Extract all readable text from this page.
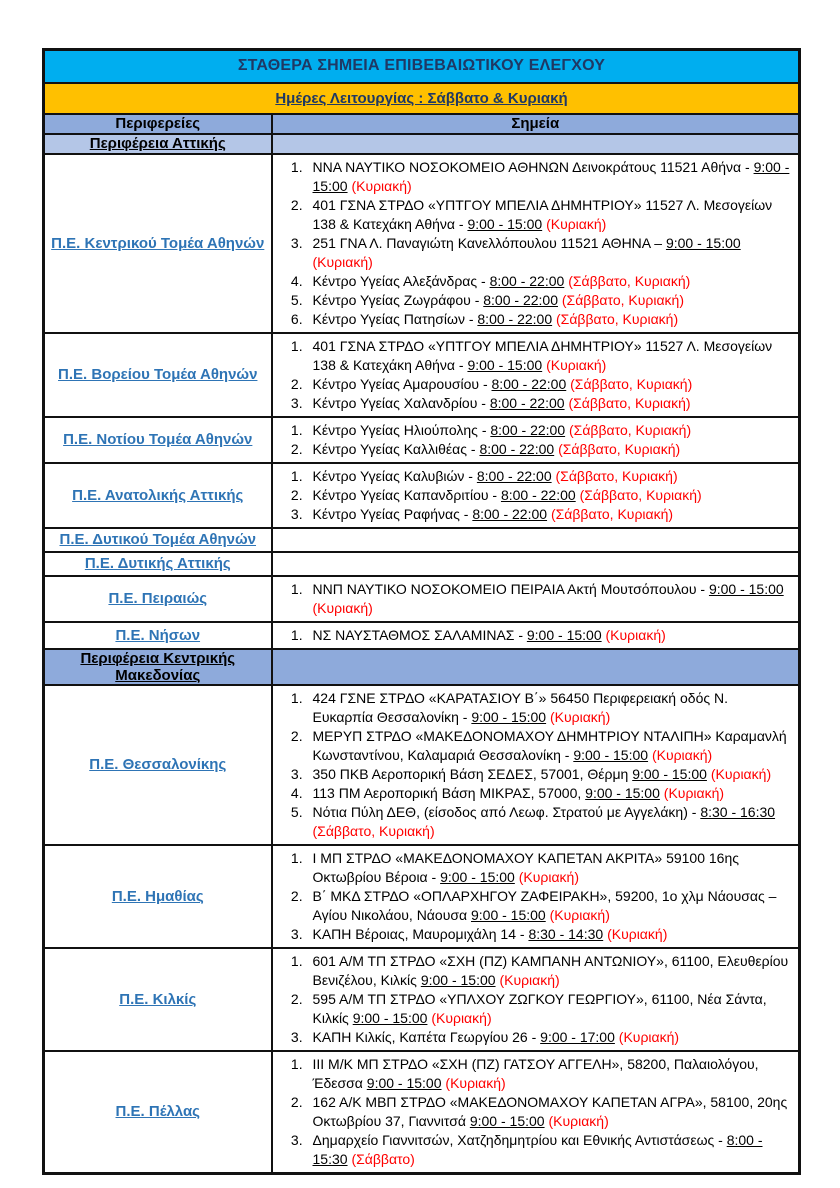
ΣΤΑΘΕΡΑ ΣΗΜΕΙΑ ΕΠΙΒΕΒΑΙΩΤΙΚΟΥ ΕΛΕΓΧΟΥ	
Ημέρες Λειτουργίας : Σάββατο & Κυριακή	
Περιφερείες	Σημεία
Περιφέρεια Αττικής	
Π.Ε. Κεντρικού Τομέα Αθηνών	
1. ΝΝΑ ΝΑΥΤΙΚΟ ΝΟΣΟΚΟΜΕΙΟ ΑΘΗΝΩΝ Δεινοκράτους 11521 Αθήνα - 9:00 - 15:00 (Κυριακή)
2. 401 ΓΣΝΑ ΣΤΡΔΟ «ΥΠΤΓΟΥ ΜΠΕΛΙΑ ΔΗΜΗΤΡΙΟΥ» 11527 Λ. Μεσογείων 138 & Κατεχάκη Αθήνα - 9:00 - 15:00 (Κυριακή)
3. 251 ΓΝΑ Λ. Παναγιώτη Κανελλόπουλου 11521 ΑΘΗΝΑ – 9:00 - 15:00 (Κυριακή)
4. Κέντρο Υγείας Αλεξάνδρας - 8:00 - 22:00 (Σάββατο, Κυριακή)
5. Κέντρο Υγείας Ζωγράφου - 8:00 - 22:00 (Σάββατο, Κυριακή)
6. Κέντρο Υγείας Πατησίων - 8:00 - 22:00 (Σάββατο, Κυριακή)

Π.Ε. Βορείου Τομέα Αθηνών	
1. 401 ΓΣΝΑ ΣΤΡΔΟ «ΥΠΤΓΟΥ ΜΠΕΛΙΑ ΔΗΜΗΤΡΙΟΥ» 11527 Λ. Μεσογείων 138 & Κατεχάκη Αθήνα - 9:00 - 15:00 (Κυριακή)
2. Κέντρο Υγείας Αμαρουσίου - 8:00 - 22:00 (Σάββατο, Κυριακή)
3. Κέντρο Υγείας Χαλανδρίου - 8:00 - 22:00 (Σάββατο, Κυριακή)

Π.Ε. Νοτίου Τομέα Αθηνών	
1. Κέντρο Υγείας Ηλιούπολης - 8:00 - 22:00 (Σάββατο, Κυριακή)
2. Κέντρο Υγείας Καλλιθέας - 8:00 - 22:00 (Σάββατο, Κυριακή)

Π.Ε. Ανατολικής Αττικής	
1. Κέντρο Υγείας Καλυβιών - 8:00 - 22:00 (Σάββατο, Κυριακή)
2. Κέντρο Υγείας Καπανδριτίου - 8:00 - 22:00 (Σάββατο, Κυριακή)
3. Κέντρο Υγείας Ραφήνας - 8:00 - 22:00 (Σάββατο, Κυριακή)

Π.Ε. Δυτικού Τομέα Αθηνών	
Π.Ε. Δυτικής Αττικής	
Π.Ε. Πειραιώς	
1. ΝΝΠ ΝΑΥΤΙΚΟ ΝΟΣΟΚΟΜΕΙΟ ΠΕΙΡΑΙΑ Ακτή Μουτσόπουλου - 9:00 - 15:00 (Κυριακή)

Π.Ε. Νήσων	
1.ΝΣ ΝΑΥΣΤΑΘΜΟΣ ΣΑΛΑΜΙΝΑΣ - 9:00 - 15:00 (Κυριακή)

Περιφέρεια Κεντρικής Μακεδονίας	
Π.Ε. Θεσσαλονίκης	
1. 424 ΓΣΝΕ ΣΤΡΔΟ «ΚΑΡΑΤΑΣΙΟΥ Β΄» 56450 Περιφερειακή οδός Ν. Ευκαρπία Θεσσαλονίκη - 9:00 - 15:00 (Κυριακή)
2. ΜΕΡΥΠ ΣΤΡΔΟ «ΜΑΚΕΔΟΝΟΜΑΧΟΥ ΔΗΜΗΤΡΙΟΥ ΝΤΑΛΙΠΗ» Καραμανλή Κωνσταντίνου, Καλαμαριά Θεσσαλονίκη - 9:00 - 15:00 (Κυριακή)
3. 350 ΠΚΒ Αεροπορική Βάση ΣΕΔΕΣ, 57001, Θέρμη 9:00 - 15:00 (Κυριακή)
4. 113 ΠΜ Αεροπορική Βάση ΜΙΚΡΑΣ, 57000, 9:00 - 15:00 (Κυριακή)
5. Νότια Πύλη ΔΕΘ, (είσοδος από Λεωφ. Στρατού με Αγγελάκη) - 8:30 - 16:30 (Σάββατο, Κυριακή)

Π.Ε. Ημαθίας	
1. Ι ΜΠ ΣΤΡΔΟ «ΜΑΚΕΔΟΝΟΜΑΧΟΥ ΚΑΠΕΤΑΝ ΑΚΡΙΤΑ» 59100 16ης Οκτωβρίου Βέροια - 9:00 - 15:00 (Κυριακή)
2. Β΄ ΜΚΔ ΣΤΡΔΟ «ΟΠΛΑΡΧΗΓΟΥ ΖΑΦΕΙΡΑΚΗ», 59200, 1ο χλμ Νάουσας – Αγίου Νικολάου, Νάουσα 9:00 - 15:00 (Κυριακή)
3. ΚΑΠΗ Βέροιας, Μαυρομιχάλη 14 - 8:30 - 14:30 (Κυριακή)

Π.Ε. Κιλκίς	
1. 601 Α/Μ ΤΠ ΣΤΡΔΟ «ΣΧΗ (ΠΖ) ΚΑΜΠΑΝΗ ΑΝΤΩΝΙΟΥ», 61100, Ελευθερίου Βενιζέλου, Κιλκίς 9:00 - 15:00 (Κυριακή)
2. 595 Α/Μ ΤΠ ΣΤΡΔΟ «ΥΠΛΧΟΥ ΖΩΓΚΟΥ ΓΕΩΡΓΙΟΥ», 61100, Νέα Σάντα, Κιλκίς 9:00 - 15:00 (Κυριακή)
3. ΚΑΠΗ Κιλκίς, Καπέτα Γεωργίου 26 - 9:00 - 17:00 (Κυριακή)

Π.Ε. Πέλλας	
1. ΙΙΙ Μ/Κ ΜΠ ΣΤΡΔΟ «ΣΧΗ (ΠΖ) ΓΑΤΣΟΥ ΑΓΓΕΛΗ», 58200, Παλαιολόγου, Έδεσσα 9:00 - 15:00 (Κυριακή)
2. 162 Α/Κ ΜΒΠ ΣΤΡΔΟ «ΜΑΚΕΔΟΝΟΜΑΧΟΥ ΚΑΠΕΤΑΝ ΑΓΡΑ», 58100, 20ης Οκτωβρίου 37, Γιαννιτσά 9:00 - 15:00 (Κυριακή)
3. Δημαρχείο Γιαννιτσών, Χατζηδημητρίου και Εθνικής Αντιστάσεως - 8:00 - 15:30 (Σάββατο)
